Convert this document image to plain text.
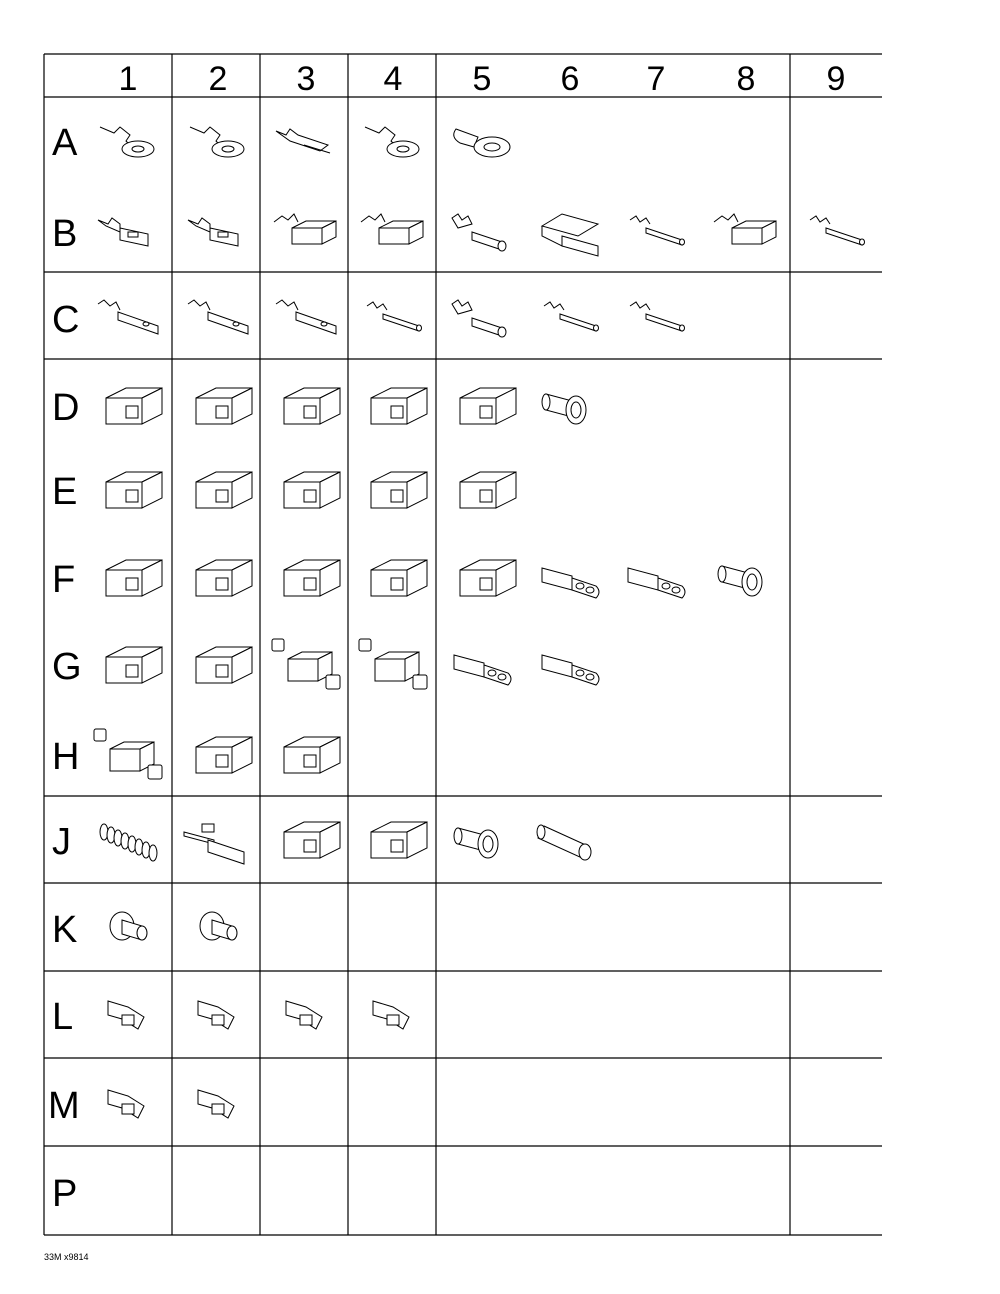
1 2 3 4 5 6 7 8 9
A
B
C
D
E
F
G
H
J
K
L
M
P
33M x9814
